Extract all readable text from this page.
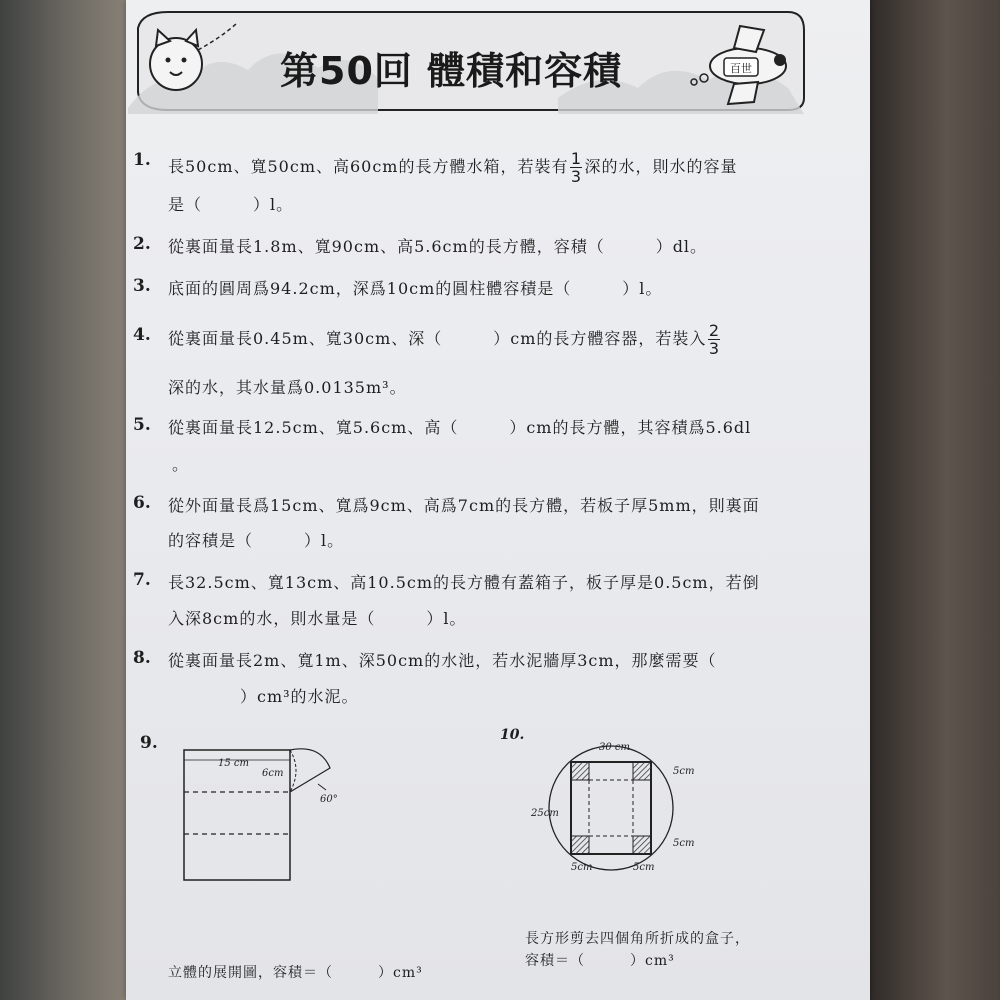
百世
第50回 體積和容積
1. 長50cm、寬50cm、高60cm的長方體水箱，若裝有 $\frac{1}{3}$ 深的水，則水的容量
是（　　　）l。
2. 從裏面量長1.8m、寬90cm、高5.6cm的長方體，容積（　　　）dl。
3. 底面的圓周爲94.2cm，深爲10cm的圓柱體容積是（　　　）l。
4. 從裏面量長0.45m、寬30cm、深（　　　）cm的長方體容器，若裝入 $\frac{2}{3}$
深的水，其水量爲0.0135m³。
5. 從裏面量長12.5cm、寬5.6cm、高（　　　）cm的長方體，其容積爲5.6dl
。
6. 從外面量長爲15cm、寬爲9cm、高爲7cm的長方體，若板子厚5mm，則裏面
的容積是（　　　）l。
7. 長32.5cm、寬13cm、高10.5cm的長方體有蓋箱子，板子厚是0.5cm，若倒
入深8cm的水，則水量是（　　　）l。
8. 從裏面量長2m、寬1m、深50cm的水池，若水泥牆厚3cm，那麼需要（
）cm³的水泥。
9.
15 cm
6cm
60°
立體的展開圖，容積＝（　　　）cm³
10.
30 cm
25cm
5cm
5cm
5cm	5cm
長方形剪去四個角所折成的盒子，
容積＝（　　　）cm³
